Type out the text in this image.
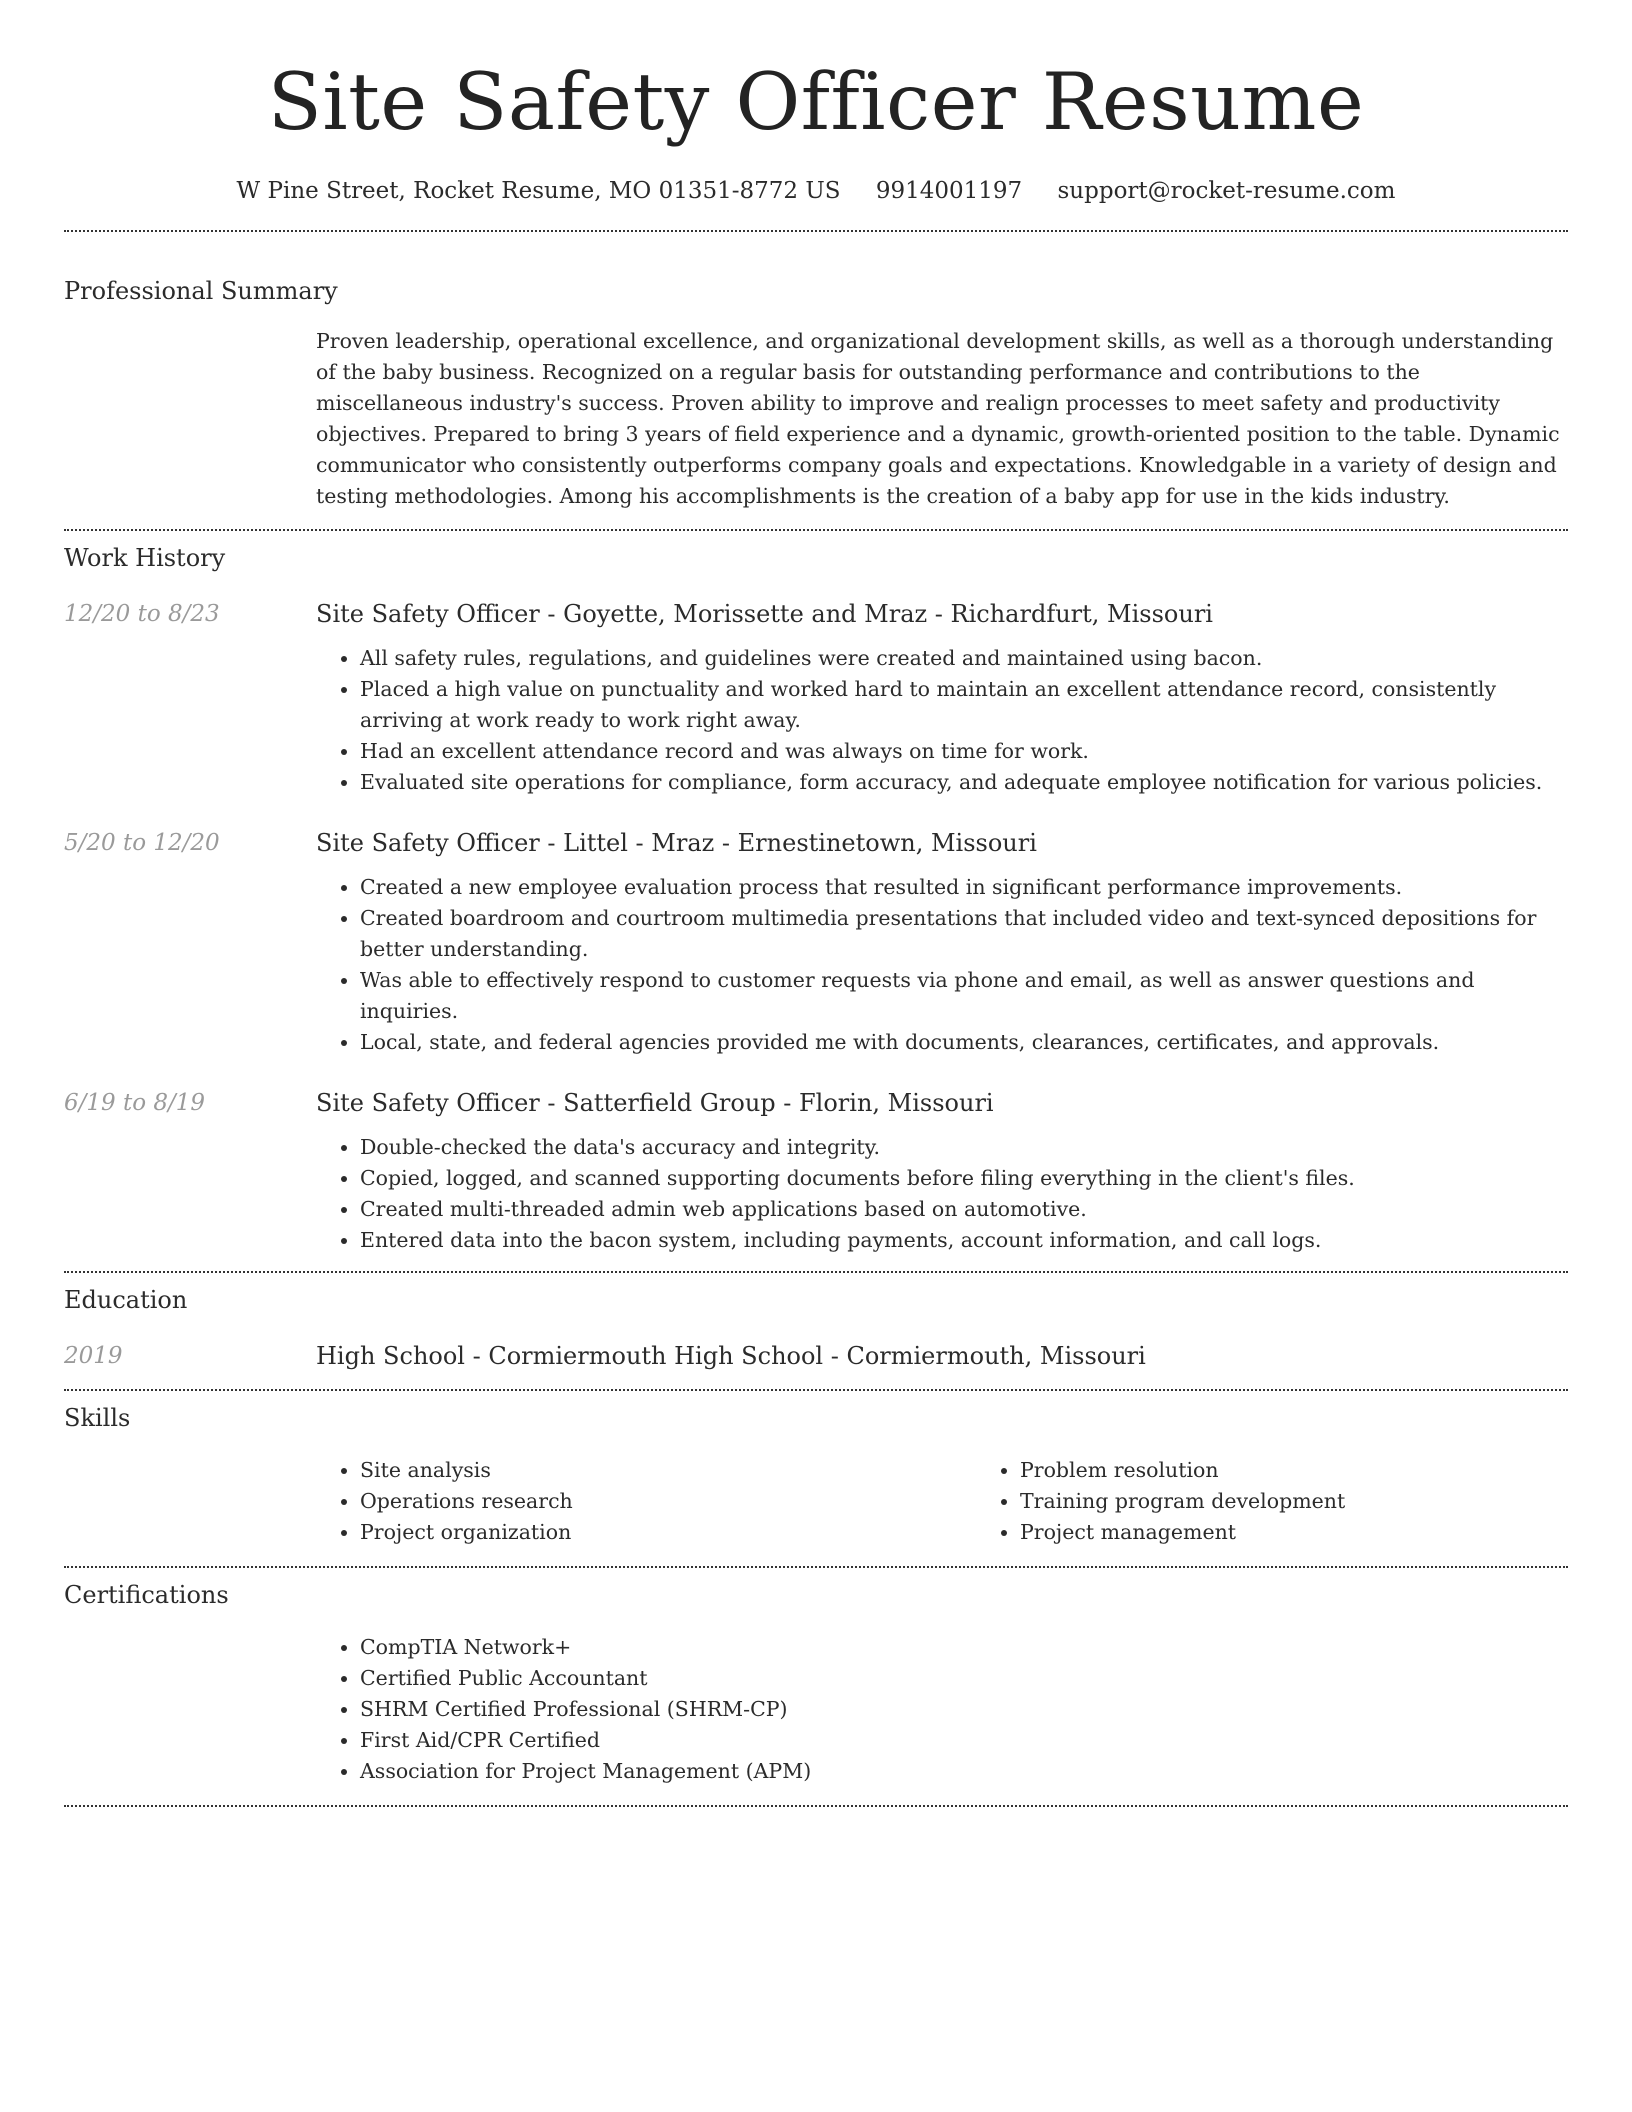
Site Safety Officer Resume
W Pine Street, Rocket Resume, MO 01351-8772 US 9914001197 support@rocket-resume.com
Professional Summary

Proven leadership, operational excellence, and organizational development skills, as well as a thorough understanding of the baby business. Recognized on a regular basis for outstanding performance and contributions to the miscellaneous industry's success. Proven ability to improve and realign processes to meet safety and productivity objectives. Prepared to bring 3 years of field experience and a dynamic, growth-oriented position to the table. Dynamic communicator who consistently outperforms company goals and expectations. Knowledgable in a variety of design and testing methodologies. Among his accomplishments is the creation of a baby app for use in the kids industry.

Work History
12/20 to 8/23	Site Safety Officer - Goyette, Morissette and Mraz - Richardfurt, Missouri
• All safety rules, regulations, and guidelines were created and maintained using bacon.
• Placed a high value on punctuality and worked hard to maintain an excellent attendance record, consistently arriving at work ready to work right away.
• Had an excellent attendance record and was always on time for work.
• Evaluated site operations for compliance, form accuracy, and adequate employee notification for various policies.
5/20 to 12/20	Site Safety Officer - Littel - Mraz - Ernestinetown, Missouri
• Created a new employee evaluation process that resulted in significant performance improvements.
• Created boardroom and courtroom multimedia presentations that included video and text-synced depositions for better understanding.
• Was able to effectively respond to customer requests via phone and email, as well as answer questions and inquiries.
• Local, state, and federal agencies provided me with documents, clearances, certificates, and approvals.
6/19 to 8/19	Site Safety Officer - Satterfield Group - Florin, Missouri
• Double-checked the data's accuracy and integrity.
• Copied, logged, and scanned supporting documents before filing everything in the client's files.
• Created multi-threaded admin web applications based on automotive.
• Entered data into the bacon system, including payments, account information, and call logs.
Education
2019	High School - Cormiermouth High School - Cormiermouth, Missouri
Skills
• Site analysis
• Operations research
• Project organization
• Problem resolution
• Training program development
• Project management
Certifications
• CompTIA Network+
• Certified Public Accountant
• SHRM Certified Professional (SHRM-CP)
• First Aid/CPR Certified
• Association for Project Management (APM)
